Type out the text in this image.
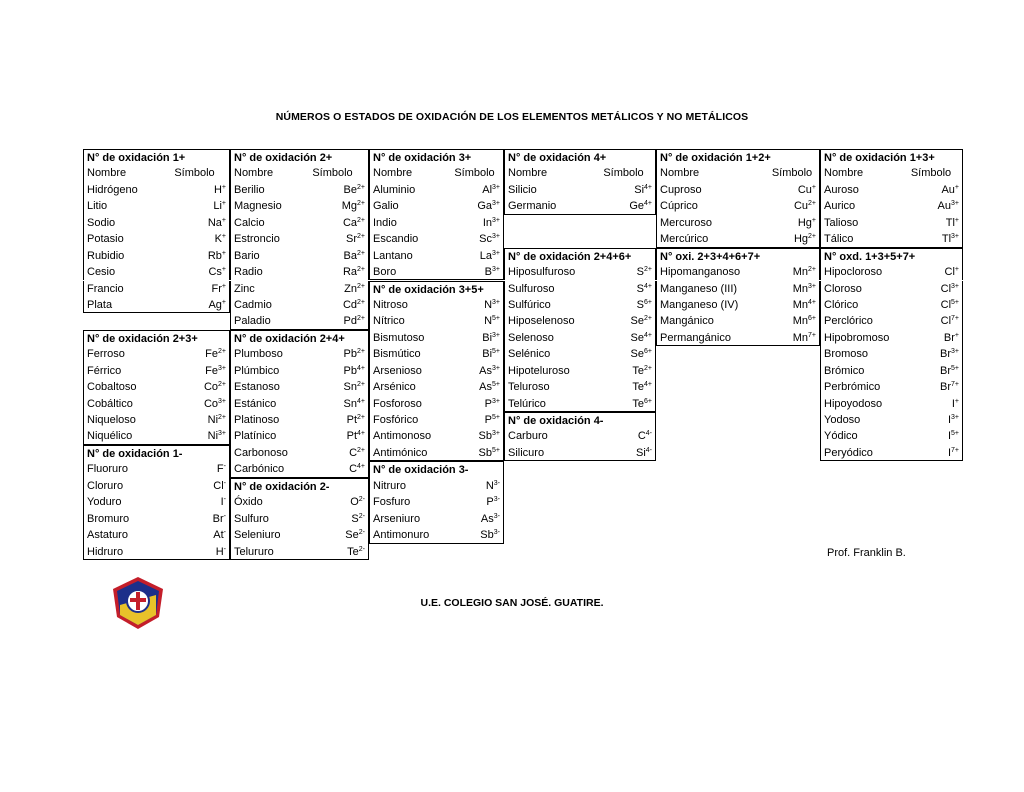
NÚMEROS O ESTADOS DE OXIDACIÓN DE LOS ELEMENTOS METÁLICOS Y NO METÁLICOS
N° de oxidación 1+
Nombre	Símbolo
Hidrógeno	H+
Litio	Li+
Sodio	Na+
Potasio	K+
Rubidio	Rb+
Cesio	Cs+
Francio	Fr+
Plata	Ag+
N° de oxidación 2+3+
Ferroso	$Fe^{2+}$
Férrico	$Fe^{3+}$
Cobaltoso	$Co^{2+}$
Cobáltico	$Co^{3+}$
Niqueloso	$Ni^{2+}$
Niquélico	$Ni^{3+}$
N° de oxidación 1-
Fluoruro	F-
Cloruro	Cl-
Yoduro	I-
Bromuro	Br-
Astaturo	At-
Hidruro	H-
N° de oxidación 2+
Nombre	Símbolo
Berilio	$Be^{2+}$
Magnesio	$Mg^{2+}$
Calcio	$Ca^{2+}$
Estroncio	$Sr^{2+}$
Bario	$Ba^{2+}$
Radio	$Ra^{2+}$
Zinc	$Zn^{2+}$
Cadmio	$Cd^{2+}$
Paladio	$Pd^{2+}$
N° de oxidación 2+4+
Plumboso	$Pb^{2+}$
Plúmbico	$Pb^{4+}$
Estanoso	$Sn^{2+}$
Estánico	$Sn^{4+}$
Platinoso	$Pt^{2+}$
Platínico	$Pt^{4+}$
Carbonoso	$C^{2+}$
Carbónico	$C^{4+}$
N° de oxidación 2-
Óxido	$O^{2-}$
Sulfuro	$S^{2-}$
Seleniuro	$Se^{2-}$
Telururo	$Te^{2-}$
N° de oxidación 3+
Nombre	Símbolo
Aluminio	$Al^{3+}$
Galio	$Ga^{3+}$
Indio	$In^{3+}$
Escandio	$Sc^{3+}$
Lantano	$La^{3+}$
Boro	$B^{3+}$
N° de oxidación 3+5+
Nitroso	$N^{3+}$
Nítrico	$N^{5+}$
Bismutoso	$Bi^{3+}$
Bismútico	$Bi^{5+}$
Arsenioso	$As^{3+}$
Arsénico	$As^{5+}$
Fosforoso	$P^{3+}$
Fosfórico	$P^{5+}$
Antimonoso	$Sb^{3+}$
Antimónico	$Sb^{5+}$
N° de oxidación 3-
Nitruro	$N^{3-}$
Fosfuro	$P^{3-}$
Arseniuro	$As^{3-}$
Antimonuro	$Sb^{3-}$
N° de oxidación 4+
Nombre	Símbolo
Silicio	$Si^{4+}$
Germanio	$Ge^{4+}$
N° de oxidación 2+4+6+
Hiposulfuroso	$S^{2+}$
Sulfuroso	$S^{4+}$
Sulfúrico	$S^{6+}$
Hiposelenoso	$Se^{2+}$
Selenoso	$Se^{4+}$
Selénico	$Se^{6+}$
Hipoteluroso	$Te^{2+}$
Teluroso	$Te^{4+}$
Telúrico	$Te^{6+}$
N° de oxidación 4-
Carburo	$C^{4-}$
Silicuro	$Si^{4-}$
N° de oxidación 1+2+
Nombre	Símbolo
Cuproso	Cu+
Cúprico	$Cu^{2+}$
Mercuroso	Hg+
Mercúrico	$Hg^{2+}$
N° oxi. 2+3+4+6+7+
Hipomanganoso	$Mn^{2+}$
Manganeso (III)	$Mn^{3+}$
Manganeso (IV)	$Mn^{4+}$
Mangánico	$Mn^{6+}$
Permangánico	$Mn^{7+}$
N° de oxidación 1+3+
Nombre	Símbolo
Auroso	Au+
Aurico	$Au^{3+}$
Talioso	Tl+
Tálico	$Tl^{3+}$
N° oxd. 1+3+5+7+
Hipocloroso	Cl+
Cloroso	$Cl^{3+}$
Clórico	$Cl^{5+}$
Perclórico	$Cl^{7+}$
Hipobromoso	Br+
Bromoso	$Br^{3+}$
Brómico	$Br^{5+}$
Perbrómico	$Br^{7+}$
Hipoyodoso	I+
Yodoso	$I^{3+}$
Yódico	$I^{5+}$
Peryódico	$I^{7+}$
Prof. Franklin B.
U.E. COLEGIO SAN JOSÉ. GUATIRE.
